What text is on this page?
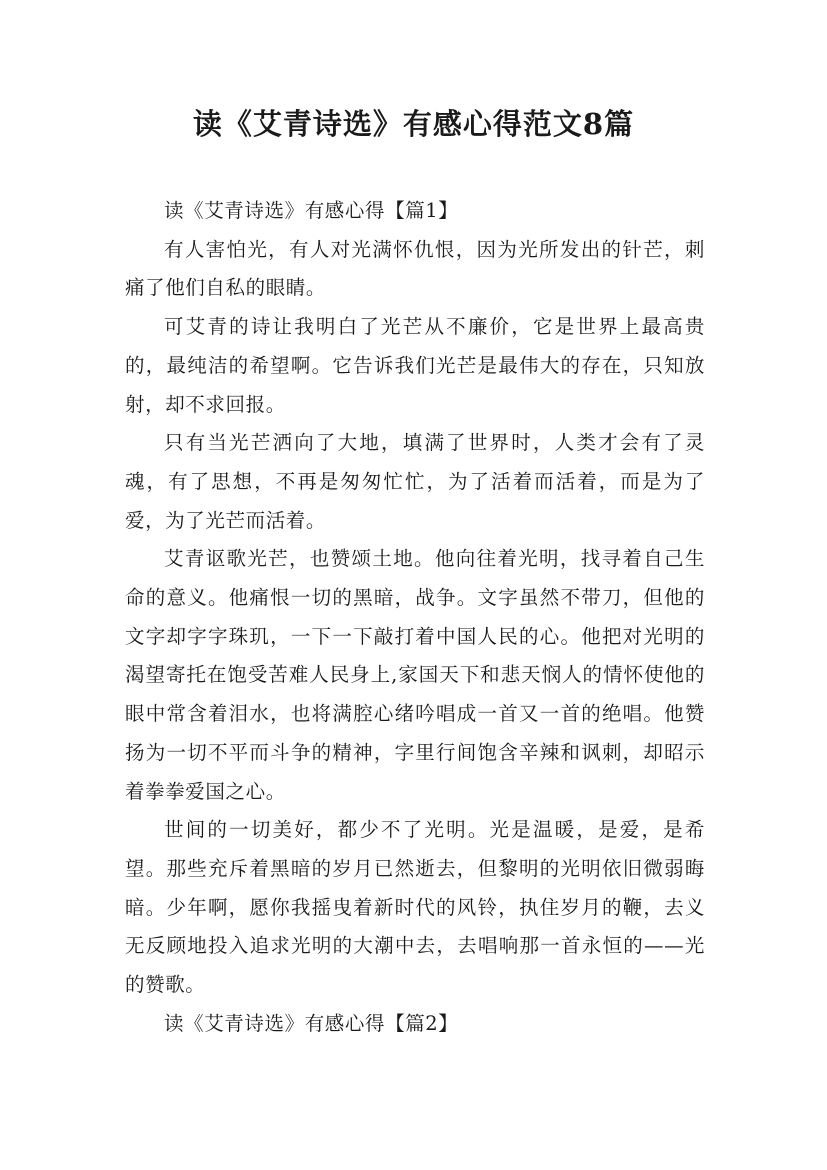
读《艾青诗选》有感心得范文8篇

读《艾青诗选》有感心得【篇1】

有人害怕光，有人对光满怀仇恨，因为光所发出的针芒，刺痛了他们自私的眼睛。

可艾青的诗让我明白了光芒从不廉价，它是世界上最高贵的，最纯洁的希望啊。它告诉我们光芒是最伟大的存在，只知放射，却不求回报。

只有当光芒洒向了大地，填满了世界时，人类才会有了灵魂，有了思想，不再是匆匆忙忙，为了活着而活着，而是为了爱，为了光芒而活着。

艾青讴歌光芒，也赞颂土地。他向往着光明，找寻着自己生命的意义。他痛恨一切的黑暗，战争。文字虽然不带刀，但他的文字却字字珠玑，一下一下敲打着中国人民的心。他把对光明的渴望寄托在饱受苦难人民身上,家国天下和悲天悯人的情怀使他的眼中常含着泪水，也将满腔心绪吟唱成一首又一首的绝唱。他赞扬为一切不平而斗争的精神，字里行间饱含辛辣和讽刺，却昭示着拳拳爱国之心。

世间的一切美好，都少不了光明。光是温暖，是爱，是希望。那些充斥着黑暗的岁月已然逝去，但黎明的光明依旧微弱晦暗。少年啊，愿你我摇曳着新时代的风铃，执住岁月的鞭，去义无反顾地投入追求光明的大潮中去，去唱响那一首永恒的——光的赞歌。

读《艾青诗选》有感心得【篇2】
